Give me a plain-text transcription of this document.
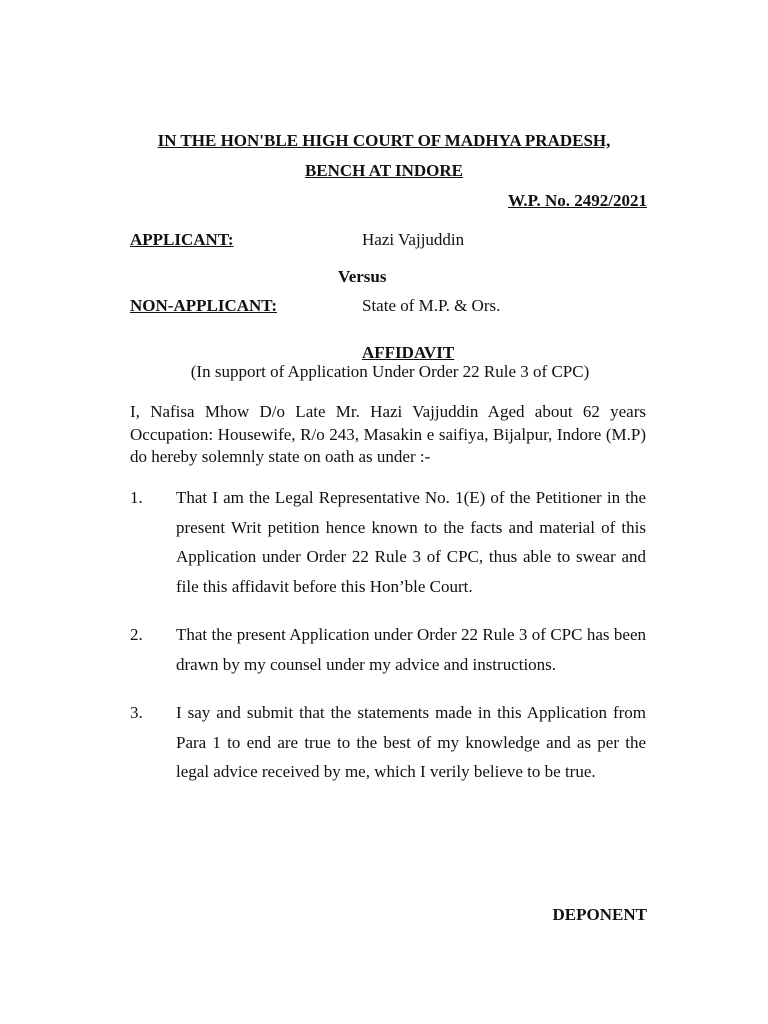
IN THE HON'BLE HIGH COURT OF MADHYA PRADESH,
BENCH AT INDORE
W.P. No. 2492/2021
APPLICANT:	Hazi Vajjuddin
Versus
NON-APPLICANT:	State of M.P. & Ors.
AFFIDAVIT
(In support of Application Under Order 22 Rule 3 of CPC)
I, Nafisa Mhow D/o Late Mr. Hazi Vajjuddin Aged about 62 years Occupation: Housewife, R/o 243, Masakin e saifiya, Bijalpur, Indore (M.P) do hereby solemnly state on oath as under :-
1. That I am the Legal Representative No. 1(E) of the Petitioner in the present Writ petition hence known to the facts and material of this Application under Order 22 Rule 3 of CPC, thus able to swear and file this affidavit before this Hon’ble Court.
2. That the present Application under Order 22 Rule 3 of CPC has been drawn by my counsel under my advice and instructions.
3. I say and submit that the statements made in this Application from Para 1 to end are true to the best of my knowledge and as per the legal advice received by me, which I verily believe to be true.
DEPONENT
